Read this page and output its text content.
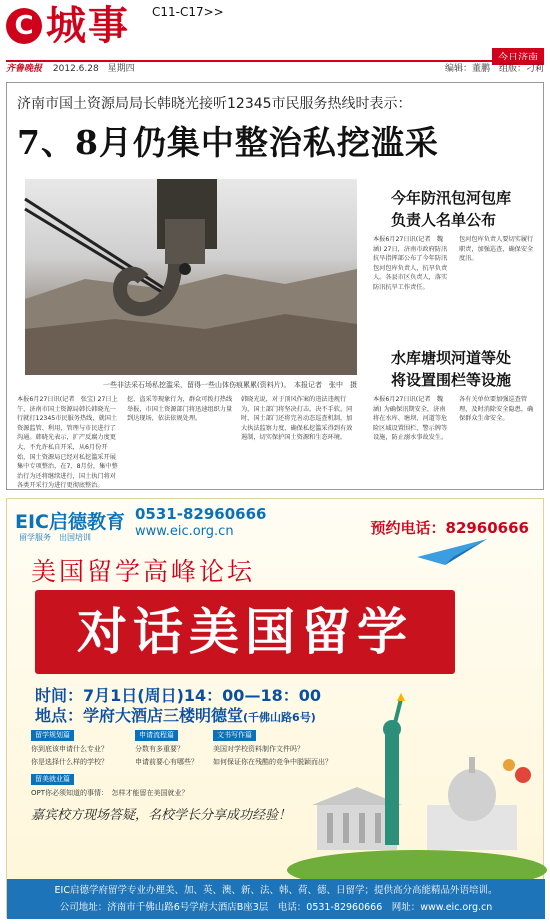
C 城事 C11-C17>>
今日济南
齐鲁晚报 2012.6.28 星期四	编辑：董鹏　组版：刁莉
济南市国土资源局局长韩晓光接听12345市民服务热线时表示：
7、8月仍集中整治私挖滥采
一些非法采石场私挖滥采，留得一些山体伤痕累累(资料片)。　本报记者　张中　摄
本报6月27日讯(记者　张宝) 27日上午，济南市国土资源局韩长韩晓光一行就打12345市民服务热线，就国土资源监管、利用、管理与市民进行了沟通。韩晓光表示，扩产反腐力度更大，不允许私自开采，从6月份开始，国土资源局已经对私挖滥采开展集中专项整治，在7、8月份，集中整治行为还将继续进行，国土执门将对各类开采行为进行更彻底整治。
挖、盗采等现象行为，群众可拨打热线举报，市国土资源部门将迅速组织力量到达现场，依法依规处理。
韩晓光说，对于顶风作案的违法违规行为，国土部门将坚决打击，决不手软。同时，国土部门还将完善动态巡查机制，加大执法监察力度，确保私挖滥采得到有效遏制，切实保护国土资源和生态环境。
今年防汛包河包库
负责人名单公布
本报6月27日讯(记者　魏涵) 27日，济南市政府防汛抗旱指挥部公布了今年防汛包河包库负责人，抗旱负责人。各县市区负责人，落实防汛抗旱工作责任。
包河包库负责人要切实履行职责，加强巡查，确保安全度汛。
水库塘坝河道等处
将设置围栏等设施
本报6月27日讯(记者　魏涵) 为确保汛期安全，济南将在水库、塘坝、河道等危险区域设置围栏、警示牌等设施，防止溺水事故发生。
各有关单位要加强巡查管理，及时消除安全隐患，确保群众生命安全。
EIC启德教育
留学服务　出国培训
0531-82960666
www.eic.org.cn	预约电话：82960666
美国留学高峰论坛
对话美国留学
时间：7月1日(周日)14：00—18：00
地点：学府大酒店三楼明德堂(千佛山路6号)
留学规划篇
你到底该申请什么专业？
你是选择什么样的学校？
申请流程篇
分数有多重要？
申请前要心有哪些？
文书写作篇
美国对学校资料制作文件吗？
如何保证你在残酷的竞争中脱颖而出？
留美就业篇
OPT你必须知道的事情：　 怎样才能留在美国就业？
嘉宾校方现场答疑，名校学长分享成功经验！
EIC启德学府留学专业办理美、加、英、澳、新、法、韩、荷、德、日留学；提供高分高能精品外语培训。
公司地址：济南市千佛山路6号学府大酒店B座3层　电话：0531-82960666　网址：www.eic.org.cn
